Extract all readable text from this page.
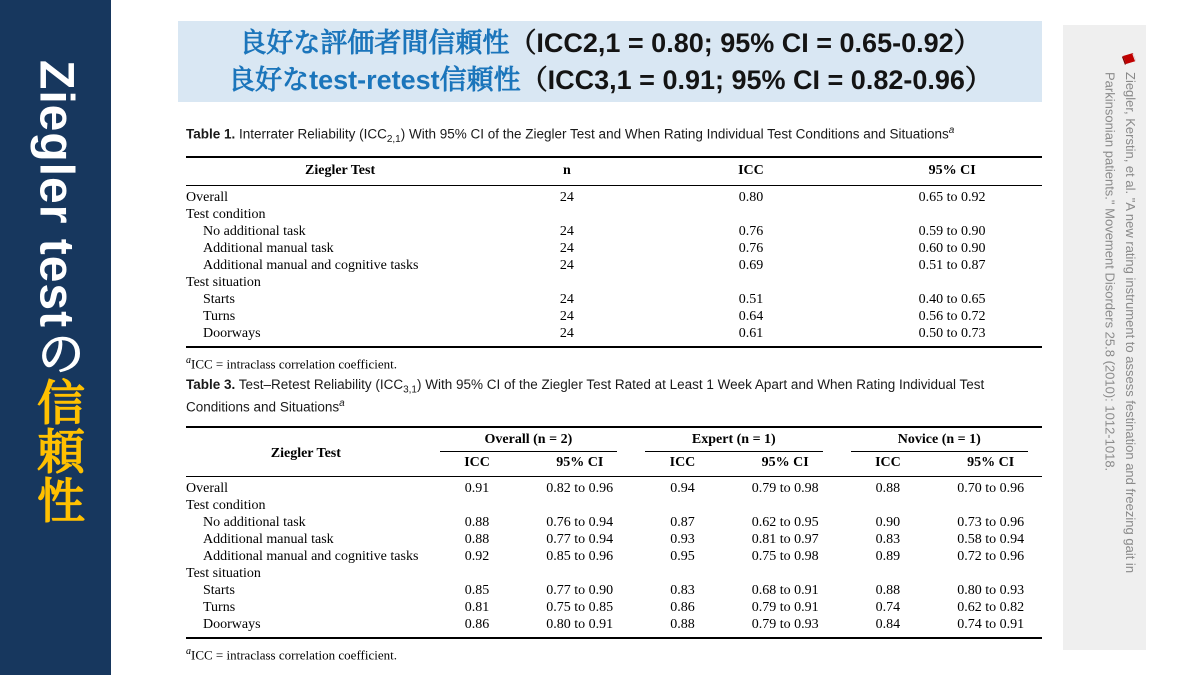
Ziegler testの信頼性
良好な評価者間信頼性（ICC2,1 = 0.80; 95% CI = 0.65-0.92）
良好なtest-retest信頼性（ICC3,1 = 0.91; 95% CI = 0.82-0.96）
Table 1. Interrater Reliability $(ICC_{2,1})$ With 95% CI of the Ziegler Test and When Rating Individual Test Conditions and Situations$^a$
Ziegler Test	n	ICC	95% CI
Overall	24	0.80	0.65 to 0.92
Test condition			
No additional task	24	0.76	0.59 to 0.90
Additional manual task	24	0.76	0.60 to 0.90
Additional manual and cognitive tasks	24	0.69	0.51 to 0.87
Test situation			
Starts	24	0.51	0.40 to 0.65
Turns	24	0.64	0.56 to 0.72
Doorways	24	0.61	0.50 to 0.73
$^a$ICC = intraclass correlation coefficient.
Table 3. Test–Retest Reliability $(ICC_{3,1})$ With 95% CI of the Ziegler Test Rated at Least 1 Week Apart and When Rating Individual Test Conditions and Situations$^a$
Ziegler Test	Overall (n = 2)		Expert (n = 1)		Novice (n = 1)	

	ICC	95% CI	ICC	95% CI	ICC	95% CI
Overall	0.91	0.82 to 0.96	0.94	0.79 to 0.98	0.88	0.70 to 0.96
Test condition						
No additional task	0.88	0.76 to 0.94	0.87	0.62 to 0.95	0.90	0.73 to 0.96
Additional manual task	0.88	0.77 to 0.94	0.93	0.81 to 0.97	0.83	0.58 to 0.94
Additional manual and cognitive tasks	0.92	0.85 to 0.96	0.95	0.75 to 0.98	0.89	0.72 to 0.96
Test situation						
Starts	0.85	0.77 to 0.90	0.83	0.68 to 0.91	0.88	0.80 to 0.93
Turns	0.81	0.75 to 0.85	0.86	0.79 to 0.91	0.74	0.62 to 0.82
Doorways	0.86	0.80 to 0.91	0.88	0.79 to 0.93	0.84	0.74 to 0.91
$^a$ICC = intraclass correlation coefficient.
Ziegler, Kerstin, et al. "A new rating instrument to assess festination and freezing gait in
Parkinsonian patients." Movement Disorders 25.8 (2010): 1012-1018.
